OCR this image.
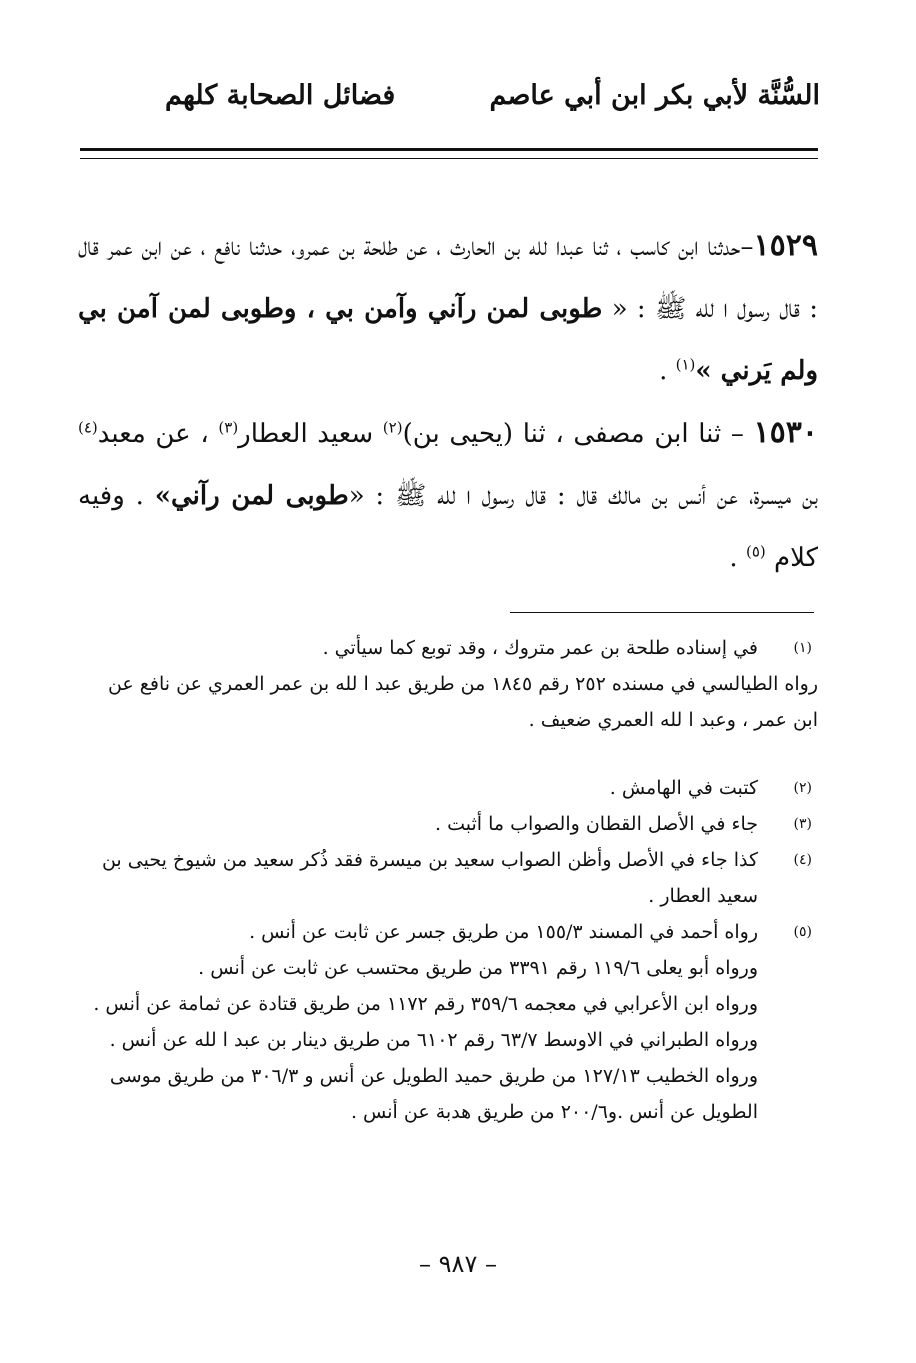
السُّنَّة لأبي بكر ابن أبي عاصم
فضائل الصحابة كلهم

١٥٢٩–حدثنا ابن كاسب ، ثنا عبدا لله بن الحارث ، عن طلحة بن عمرو، حدثنا نافع ، عن ابن عمر قال : قال رسول ا لله ﷺ : « طوبى لمن رآني وآمن بي ، وطوبى لمن آمن بي ولم يَرني »$^{(١)}$ .

١٥٣٠ – ثنا ابن مصفى ، ثنا (يحيى بن)$^{(٢)}$ سعيد العطار$^{(٣)}$ ، عن معبد$^{(٤)}$ بن ميسرة، عن أنس بن مالك قال : قال رسول ا لله ﷺ : «طوبى لمن رآني» . وفيه كلام $^{(٥)}$ .

(١)
في إسناده طلحة بن عمر متروك ، وقد توبع كما سيأتي .
رواه الطيالسي في مسنده ٢٥٢ رقم ١٨٤٥ من طريق عبد ا لله بن عمر العمري عن نافع عن ابن عمر ، وعبد ا لله العمري ضعيف .
(٢)
كتبت في الهامش .
(٣)
جاء في الأصل القطان والصواب ما أثبت .
(٤)
كذا جاء في الأصل وأظن الصواب سعيد بن ميسرة فقد ذُكر سعيد من شيوخ يحيى بن سعيد العطار .
(٥)
رواه أحمد في المسند ١٥٥/٣ من طريق جسر عن ثابت عن أنس .
ورواه أبو يعلى ١١٩/٦ رقم ٣٣٩١ من طريق محتسب عن ثابت عن أنس .
ورواه ابن الأعرابي في معجمه ٣٥٩/٦ رقم ١١٧٢ من طريق قتادة عن ثمامة عن أنس .
ورواه الطبراني في الاوسط ٦٣/٧ رقم ٦١٠٢ من طريق دينار بن عبد ا لله عن أنس .
ورواه الخطيب ١٢٧/١٣ من طريق حميد الطويل عن أنس و ٣٠٦/٣ من طريق موسى الطويل عن أنس .و٢٠٠/٦ من طريق هدبة عن أنس .
– ٩٨٧ –
